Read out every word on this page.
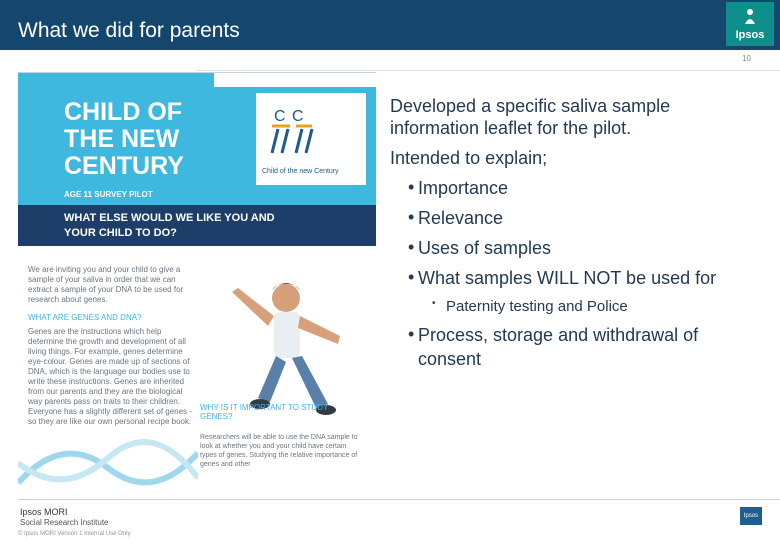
What we did for parents	Ipsos
10
CHILD OF THE NEW CENTURY
C C
Child of the new Century
AGE 11 SURVEY PILOT
WHAT ELSE WOULD WE LIKE YOU AND YOUR CHILD TO DO?
We are inviting you and your child to give a sample of your saliva in order that we can extract a sample of your DNA to be used for research about genes.
WHAT ARE GENES AND DNA?
Genes are the instructions which help determine the growth and development of all living things. For example, genes determine eye-colour. Genes are made up of sections of DNA, which is the language our bodies use to write these instructions. Genes are inherited from our parents and they are the biological way parents pass on traits to their children. Everyone has a slightly different set of genes - so they are like our own personal recipe book.
WHY IS IT IMPORTANT TO STUDY GENES?
Researchers will be able to use the DNA sample to look at whether you and your child have certain types of genes. Studying the relative importance of genes and other
Developed a specific saliva sample
information leaflet for the pilot.
Intended to explain;
• Importance
• Relevance
• Uses of samples
• What samples WILL NOT be used for
• Paternity testing and Police
• Process, storage and withdrawal of
consent
Ipsos MORI
Social Research Institute
© Ipsos MORI Version 1 Internal Use Only
Ipsos
